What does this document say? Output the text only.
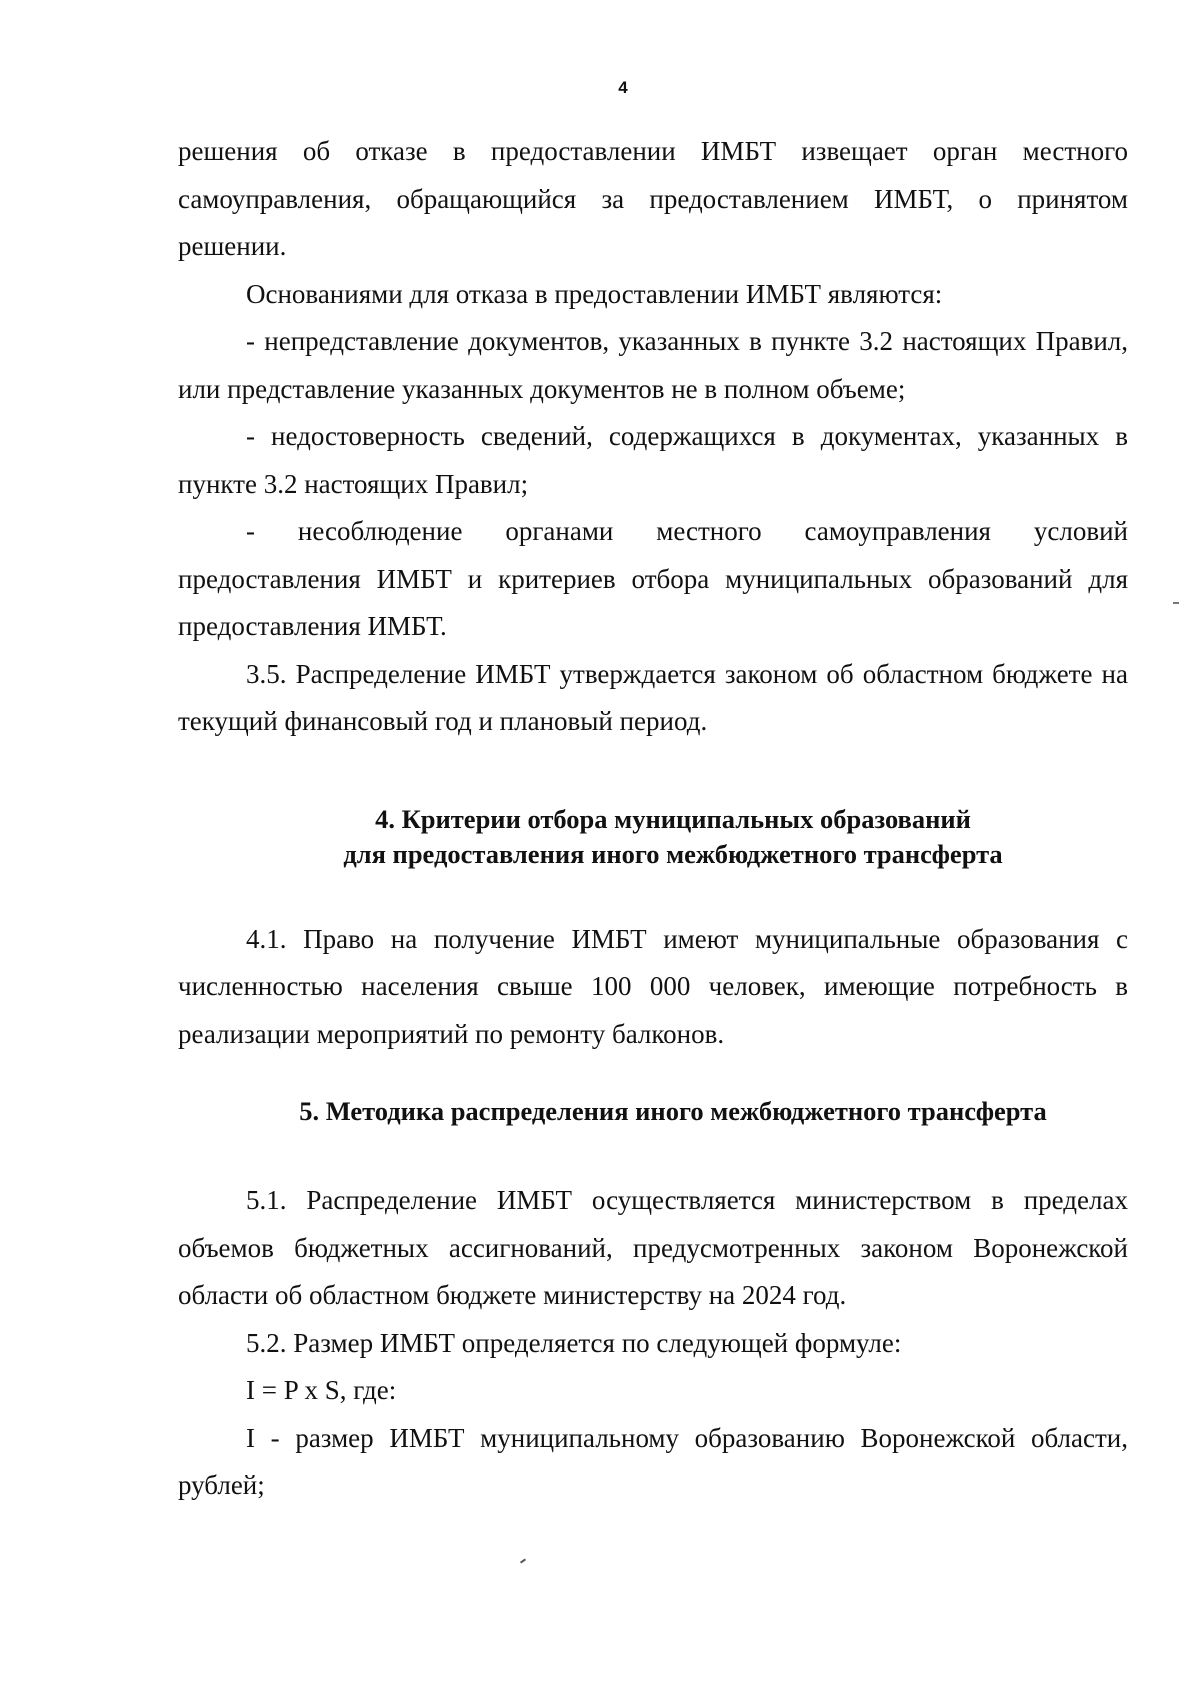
4

решения об отказе в предоставлении ИМБТ извещает орган местного самоуправления, обращающийся за предоставлением ИМБТ, о принятом решении.

Основаниями для отказа в предоставлении ИМБТ являются:

- непредставление документов, указанных в пункте 3.2 настоящих Правил, или представление указанных документов не в полном объеме;

- недостоверность сведений, содержащихся в документах, указанных в пункте 3.2 настоящих Правил;

- несоблюдение органами местного самоуправления условий предоставления ИМБТ и критериев отбора муниципальных образований для предоставления ИМБТ.

3.5. Распределение ИМБТ утверждается законом об областном бюджете на текущий финансовый год и плановый период.

4. Критерии отбора муниципальных образований
для предоставления иного межбюджетного трансферта

4.1. Право на получение ИМБТ имеют муниципальные образования с численностью населения свыше 100 000 человек, имеющие потребность в реализации мероприятий по ремонту балконов.

5. Методика распределения иного межбюджетного трансферта

5.1. Распределение ИМБТ осуществляется министерством в пределах объемов бюджетных ассигнований, предусмотренных законом Воронежской области об областном бюджете министерству на 2024 год.

5.2. Размер ИМБТ определяется по следующей формуле:

I = P x S, где:

I - размер ИМБТ муниципальному образованию Воронежской области, рублей;
